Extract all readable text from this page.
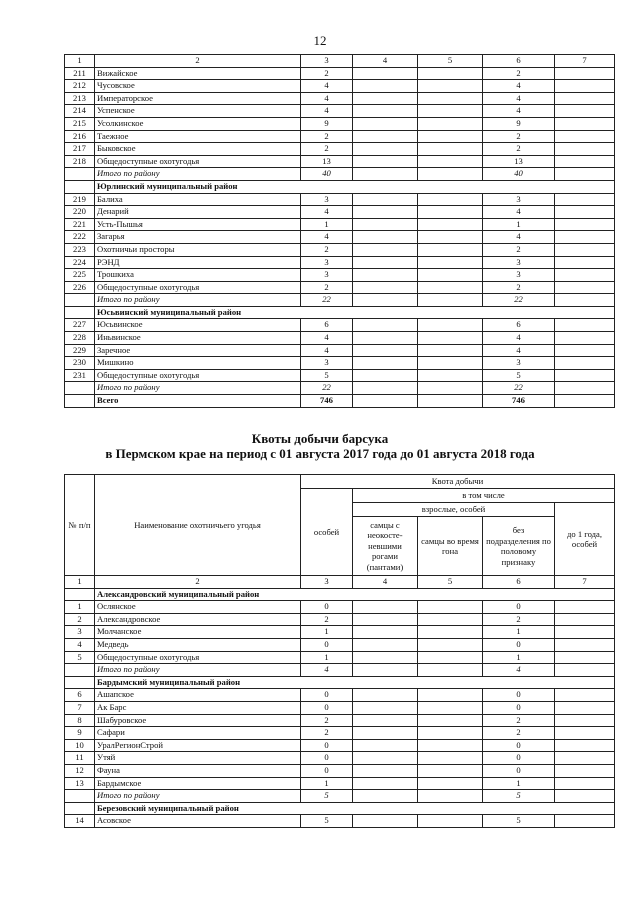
12
1	2	3	4	5	6	7
211	Вижайское	2			2	
212	Чусовское	4			4	
213	Императорское	4			4	
214	Успенское	4			4	
215	Усолкинское	9			9	
216	Таежное	2			2	
217	Быковское	2			2	
218	Общедоступные охотугодья	13			13	
	Итого по району	40			40	
	Юрлинский муниципальный район					
219	Балиха	3			3	
220	Денарий	4			4	
221	Усть-Пышья	1			1	
222	Загарья	4			4	
223	Охотничьи просторы	2			2	
224	РЭНД	3			3	
225	Трошкиха	3			3	
226	Общедоступные охотугодья	2			2	
	Итого по району	22			22	
	Юсьвинский муниципальный район					
227	Юсьвинское	6			6	
228	Иньвинское	4			4	
229	Заречное	4			4	
230	Мишкино	3			3	
231	Общедоступные охотугодья	5			5	
	Итого по району	22			22	
	Всего	746			746	
Квоты добычи барсука
в Пермском крае на период с 01 августа 2017 года до 01 августа 2018 года
№ п/п	Наименование охотничьего угодья	Квота добычи				
		особей	в том числе			
			взрослые, особей			до 1 года, особей
			самцы с неокосте-невшими рогами (пантами)	самцы во время гона	без подразделения по половому признаку	
1	2	3	4	5	6	7
	Александровский муниципальный район					
1	Ослянское	0			0	
2	Александровское	2			2	
3	Молчанское	1			1	
4	Медведь	0			0	
5	Общедоступные охотугодья	1			1	
	Итого по району	4			4	
	Бардымский муниципальный район					
6	Ашапское	0			0	
7	Ак Барс	0			0	
8	Шабуровское	2			2	
9	Сафари	2			2	
10	УралРегионСтрой	0			0	
11	Утяй	0			0	
12	Фауна	0			0	
13	Бардымское	1			1	
	Итого по району	5			5	
	Березовский муниципальный район					
14	Асовское	5			5	
